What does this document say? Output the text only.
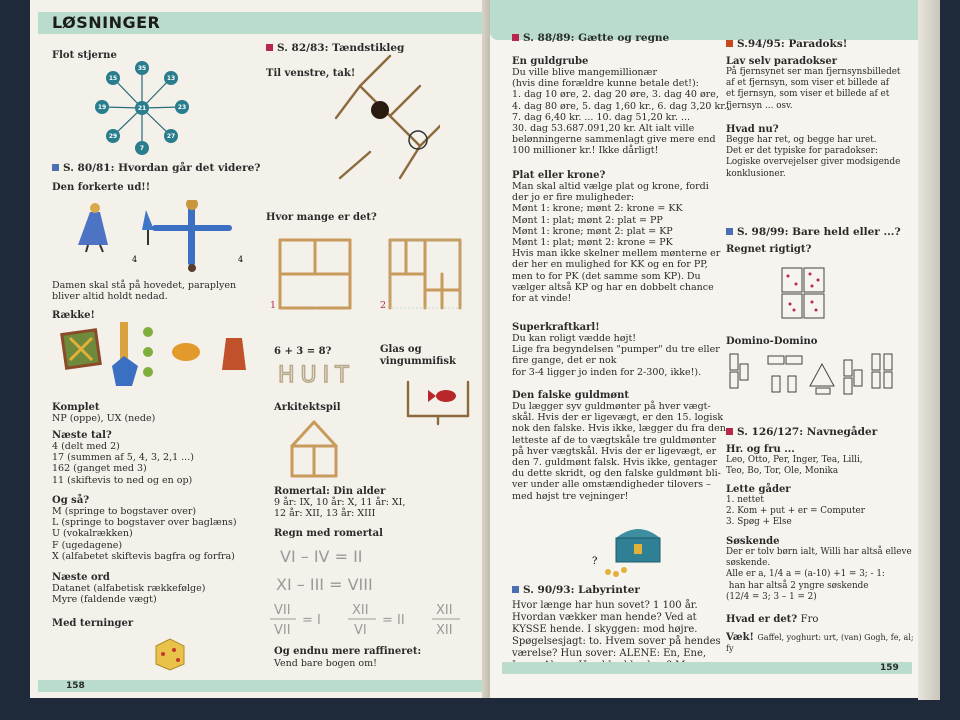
LØSNINGER
Flot stjerne
21
35
13
23
27
7
29
19
15
S. 80/81: Hvordan går det videre?
Den forkerte ud!!
4	4
Damen skal stå på hovedet, paraplyen
bliver altid holdt nedad.
Række!
Komplet
NP (oppe), UX (nede)
Næste tal?
4 (delt med 2)
17 (summen af 5, 4, 3, 2,1 ...)
162 (ganget med 3)
11 (skiftevis to ned og en op)
Og så?
M (springe to bogstaver over)
L (springe to bogstaver over baglæns)
U (vokalrækken)
F (ugedagene)
X (alfabetet skiftevis bagfra og forfra)
Næste ord
Datanet (alfabetisk rækkefølge)
Myre (faldende vægt)
Med terninger
S. 82/83: Tændstikleg
Til venstre, tak!
Hvor mange er det?
1	2
6 + 3 = 8?
HUIT
Glas og
vingummifisk
Arkitektspil
Romertal: Din alder
9 år: IX, 10 år: X, 11 år: XI,
12 år: XII, 13 år: XIII
Regn med romertal
VI – IV = II
XI – III = VIII
VII
VII
= I
XII
VI
= II
XII
XII
Og endnu mere raffineret:
Vend bare bogen om!
158
S. 88/89: Gætte og regne
En guldgrube
Du ville blive mangemillionær
(hvis dine forældre kunne betale det!):
1. dag 10 øre, 2. dag 20 øre, 3. dag 40 øre,
4. dag 80 øre, 5. dag 1,60 kr., 6. dag 3,20 kr.,
7. dag 6,40 kr. ... 10. dag 51,20 kr. ...
30. dag 53.687.091,20 kr. Alt ialt ville
belønningerne sammenlagt give mere end
100 millioner kr.! Ikke dårligt!
Plat eller krone?
Man skal altid vælge plat og krone, fordi
der jo er fire muligheder:
Mønt 1: krone; mønt 2: krone = KK
Mønt 1: plat; mønt 2: plat = PP
Mønt 1: krone; mønt 2: plat = KP
Mønt 1: plat; mønt 2: krone = PK
Hvis man ikke skelner mellem mønterne er
der her en mulighed for KK og en for PP,
men to for PK (det samme som KP). Du
vælger altså KP og har en dobbelt chance
for at vinde!
Superkraftkarl!
Du kan roligt vædde højt!
Lige fra begyndelsen "pumper" du tre eller
fire gange, det er nok
for 3-4 ligger jo inden for 2-300, ikke!).
Den falske guldmønt
Du lægger syv guldmønter på hver vægt-
skål. Hvis der er ligevægt, er den 15. logisk
nok den falske. Hvis ikke, lægger du fra den
letteste af de to vægtskåle tre guldmønter
på hver vægtskål. Hvis der er ligevægt, er
den 7. guldmønt falsk. Hvis ikke, gentager
du dette skridt, og den falske guldmønt bli-
ver under alle omstændigheder tilovers –
med højst tre vejninger!
?
S. 90/93: Labyrinter
Hvor længe har hun sovet? 1 100 år.
Hvordan vækker man hende? Ved at
KYSSE hende. I skyggen: mod højre.
Spøgelsesjagt: to. Hvem sover på hendes
værelse? Hun sover: ALENE: En, Ene,

S.94/95: Paradoks!
Lav selv paradokser
På fjernsynet ser man fjernsynsbilledet
af et fjernsyn, som viser et billede af
et fjernsyn, som viser et billede af et
fjernsyn ... osv.
Hvad nu?
Begge har ret, og begge har uret.
Det er det typiske for paradokser:
Logiske overvejelser giver modsigende
konklusioner.
S. 98/99: Bare held eller ...?
Regnet rigtigt?
Domino-Domino
S. 126/127: Navnegåder
Hr. og fru ...
Leo, Otto, Per, Inger, Tea, Lilli,
Teo, Bo, Tor, Ole, Monika
Lette gåder
1. nettet
2. Kom + put + er = Computer
3. Spøg + Else
Søskende
Der er tolv børn ialt, Willi har altså elleve
søskende.
Alle er a, 1/4 a = (a-10) +1 = 3; - 1:
han har altså 2 yngre søskende
(12/4 = 3; 3 – 1 = 2)
Hvad er det? Fro
Væk! Gaffel, yoghurt: urt, (van) Gogh, fe, al; fy
159
